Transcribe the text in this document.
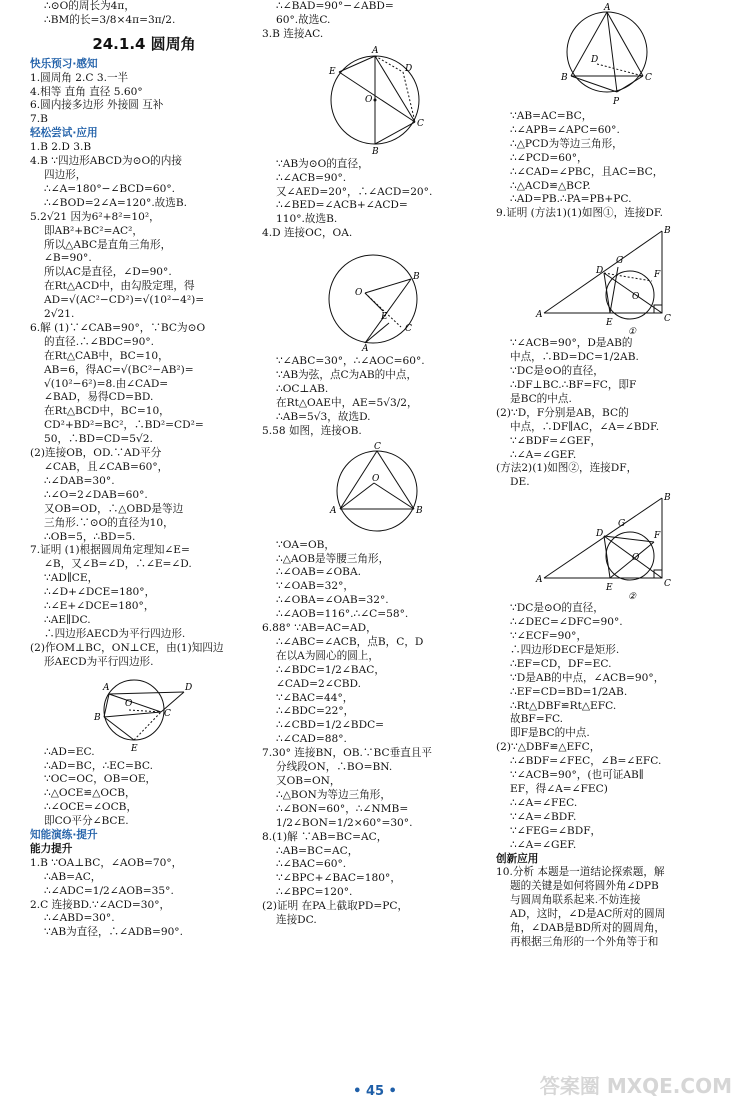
∴⊙O的周长为4π，
∴BM的长=3/8×4π=3π/2.
24.1.4 圆周角
快乐预习·感知
1.圆周角 2.C 3.一半
4.相等 直角 直径 5.60°
6.圆内接多边形 外接圆 互补
7.B
轻松尝试·应用
1.B 2.D 3.B
4.B ∵四边形ABCD为⊙O的内接
四边形，
∴∠A=180°−∠BCD=60°.
∴∠BOD=2∠A=120°.故选B.
5.2√21 因为6²+8²=10²，
即AB²+BC²=AC²，
所以△ABC是直角三角形，
∠B=90°.
所以AC是直径，∠D=90°.
在Rt△ACD中，由勾股定理，得
AD=√(AC²−CD²)=√(10²−4²)=
2√21.
6.解 (1)∵∠CAB=90°，∵BC为⊙O
的直径.∴∠BDC=90°.
在Rt△CAB中，BC=10，
AB=6，得AC=√(BC²−AB²)=
√(10²−6²)=8.由∠CAD=
∠BAD，易得CD=BD.
在Rt△BCD中，BC=10，
CD²+BD²=BC²，∴BD²=CD²=
50，∴BD=CD=5√2.
(2)连接OB，OD.∵AD平分
∠CAB，且∠CAB=60°，
∴∠DAB=30°.
∴∠O=2∠DAB=60°.
又OB=OD，∴△OBD是等边
三角形.∵⊙O的直径为10，
∴OB=5，∴BD=5.
7.证明 (1)根据圆周角定理知∠E=
∠B，又∠B=∠D，∴∠E=∠D.
∵AD∥CE，
∴∠D+∠DCE=180°，
∴∠E+∠DCE=180°，
∴AE∥DC.
∴四边形AECD为平行四边形.
(2)作OM⊥BC，ON⊥CE，由(1)知四边
形AECD为平行四边形.
A	D
B	C
O
E
∴AD=EC.
∴AD=BC，∴EC=BC.
∵OC=OC，OB=OE，
∴△OCE≌△OCB，
∴∠OCE=∠OCB，
即CO平分∠BCE.
知能演练·提升
能力提升
1.B ∵OA⊥BC，∠AOB=70°，
∴AB=AC，
∴∠ADC=1/2∠AOB=35°.
2.C 连接BD.∵∠ACD=30°，
∴∠ABD=30°.
∵AB为直径，∴∠ADB=90°.
∴∠BAD=90°−∠ABD=
60°.故选C.
3.B 连接AC.
A
D
E
O
C
B
∵AB为⊙O的直径，
∴∠ACB=90°.
又∠AED=20°，∴∠ACD=20°.
∴∠BED=∠ACB+∠ACD=
110°.故选B.
4.D 连接OC，OA.
O
B
E
C
A
∵∠ABC=30°，∴∠AOC=60°.
∵AB为弦，点C为AB的中点，
∴OC⊥AB.
在Rt△OAE中，AE=5√3/2，
∴AB=5√3，故选D.
5.58 如图，连接OB.
C
O
A	B
∵OA=OB，
∴△AOB是等腰三角形，
∴∠OAB=∠OBA.
∵∠OAB=32°，
∴∠OBA=∠OAB=32°.
∴∠AOB=116°.∴∠C=58°.
6.88° ∵AB=AC=AD，
∴∠ABC=∠ACB，点B，C，D
在以A为圆心的圆上，
∴∠BDC=1/2∠BAC，
∠CAD=2∠CBD.
∵∠BAC=44°，
∴∠BDC=22°，
∴∠CBD=1/2∠BDC=
∴∠CAD=88°.
7.30° 连接BN，OB.∵BC垂直且平
分线段ON，∴BO=BN.
又OB=ON，
∴△BON为等边三角形，
∴∠BON=60°，∴∠NMB=
1/2∠BON=1/2×60°=30°.
8.(1)解 ∵AB=BC=AC，
∴AB=BC=AC，
∴∠BAC=60°.
∵∠BPC+∠BAC=180°，
∴∠BPC=120°.
(2)证明 在PA上截取PD=PC，
连接DC.
A
B	C
D
P
∵AB=AC=BC，
∴∠APB=∠APC=60°.
∴△PCD为等边三角形，
∴∠PCD=60°，
∴∠CAD=∠PBC，且AC=BC，
∴△ACD≌△BCP.
∴AD=PB.∴PA=PB+PC.
9.证明 (方法1)(1)如图①，连接DF.
B
G
F
D
O
A
E	C
①
∵∠ACB=90°，D是AB的
中点，∴BD=DC=1/2AB.
∵DC是⊙O的直径，
∴DF⊥BC.∴BF=FC，即F
是BC的中点.
(2)∵D，F分别是AB，BC的
中点，∴DF∥AC，∠A=∠BDF.
∵∠BDF=∠GEF，
∴∠A=∠GEF.
(方法2)(1)如图②，连接DF，
DE.
B
G
F
D
O
A
E	C
②
∵DC是⊙O的直径，
∴∠DEC=∠DFC=90°.
∵∠ECF=90°，
∴四边形DECF是矩形.
∴EF=CD，DF=EC.
∵D是AB的中点，∠ACB=90°，
∴EF=CD=BD=1/2AB.
∴Rt△DBF≌Rt△EFC.
故BF=FC.
即F是BC的中点.
(2)∵△DBF≌△EFC，
∴∠BDF=∠FEC，∠B=∠EFC.
∵∠ACB=90°，(也可证AB∥
EF，得∠A=∠FEC)
∴∠A=∠FEC.
∵∠A=∠BDF.
∵∠FEG=∠BDF，
∴∠A=∠GEF.
创新应用
10.分析 本题是一道结论探索题，解
题的关键是如何将圆外角∠DPB
与圆周角联系起来.不妨连接
AD，这时，∠D是AC所对的圆周
角，∠DAB是BD所对的圆周角，
再根据三角形的一个外角等于和
• 45 •	答案圈 MXQE.COM
